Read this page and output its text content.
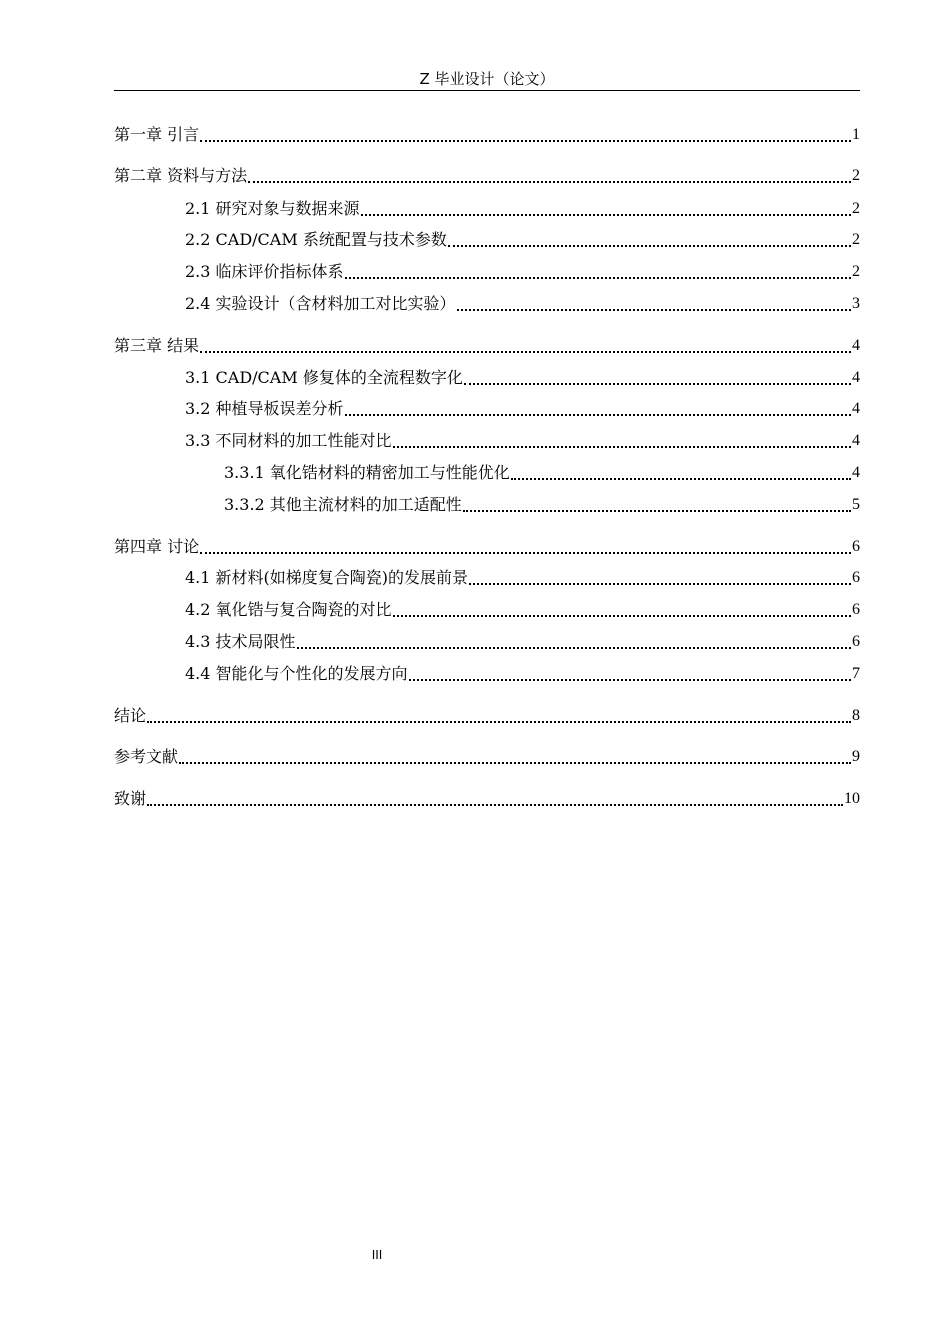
Z 毕业设计（论文）
第一章 引言	1
第二章 资料与方法	2
2.1 研究对象与数据来源	2
2.2 CAD/CAM 系统配置与技术参数	2
2.3 临床评价指标体系	2
2.4 实验设计（含材料加工对比实验）	3
第三章 结果	4
3.1 CAD/CAM 修复体的全流程数字化	4
3.2 种植导板误差分析	4
3.3 不同材料的加工性能对比	4
3.3.1 氧化锆材料的精密加工与性能优化	4
3.3.2 其他主流材料的加工适配性	5
第四章 讨论	6
4.1 新材料(如梯度复合陶瓷)的发展前景	6
4.2 氧化锆与复合陶瓷的对比	6
4.3 技术局限性	6
4.4 智能化与个性化的发展方向	7
结论	8
参考文献	9
致谢	10
III
